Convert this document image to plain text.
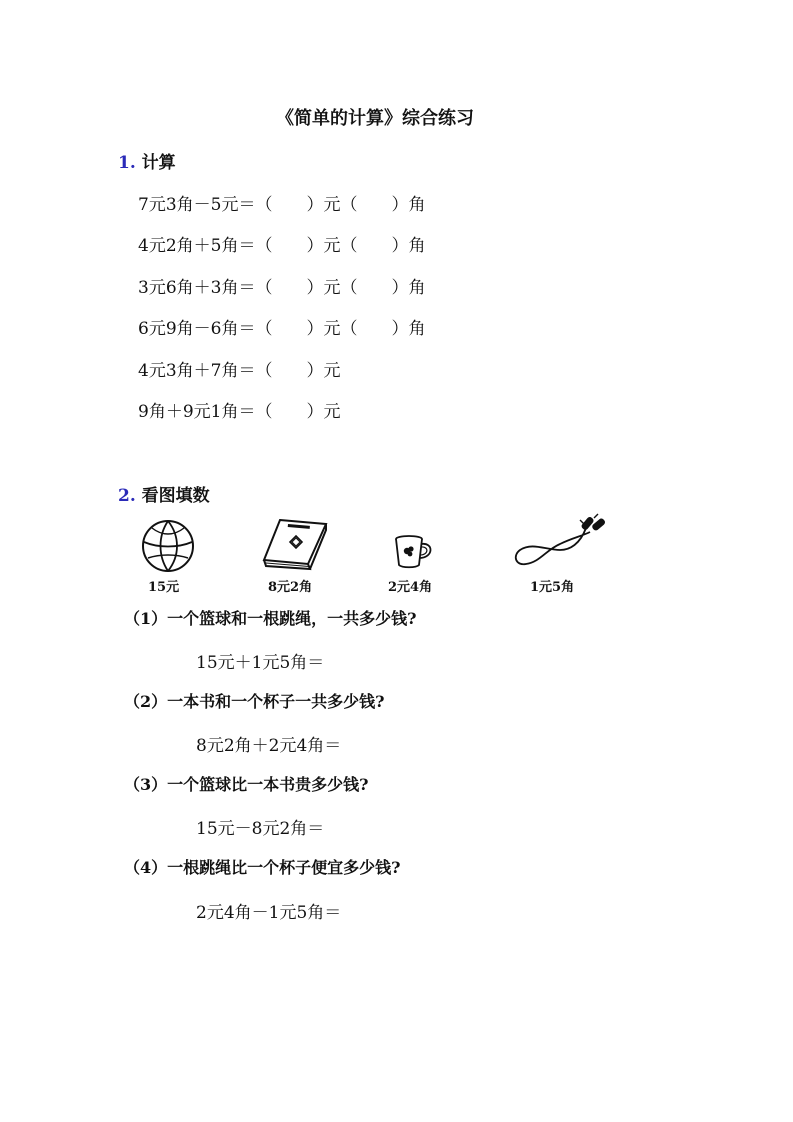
《简单的计算》综合练习
1. 计算
7元3角－5元＝（　　）元（　　）角
4元2角＋5角＝（　　）元（　　）角
3元6角＋3角＝（　　）元（　　）角
6元9角－6角＝（　　）元（　　）角
4元3角＋7角＝（　　）元
9角＋9元1角＝（　　）元
2. 看图填数
15元	8元2角	2元4角	1元5角
（1）一个篮球和一根跳绳，一共多少钱?
15元＋1元5角＝
（2）一本书和一个杯子一共多少钱?
8元2角＋2元4角＝
（3）一个篮球比一本书贵多少钱?
15元－8元2角＝
（4）一根跳绳比一个杯子便宜多少钱?
2元4角－1元5角＝
